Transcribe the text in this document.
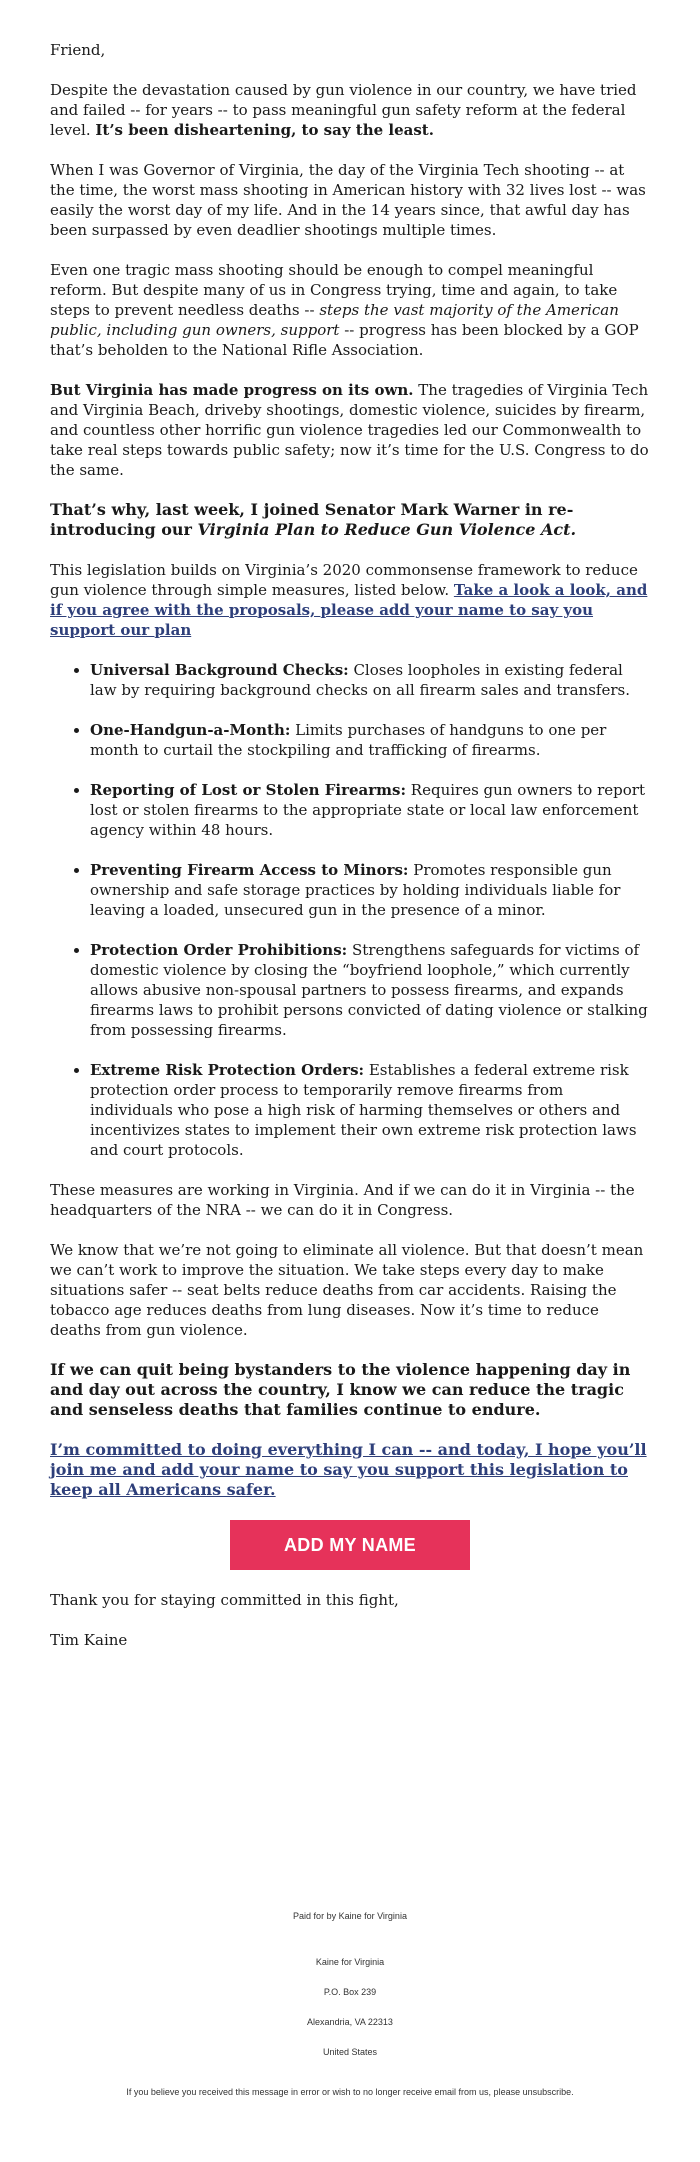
Friend,

Despite the devastation caused by gun violence in our country, we have tried and failed -- for years -- to pass meaningful gun safety reform at the federal level. It’s been disheartening, to say the least.

When I was Governor of Virginia, the day of the Virginia Tech shooting -- at the time, the worst mass shooting in American history with 32 lives lost -- was easily the worst day of my life. And in the 14 years since, that awful day has been surpassed by even deadlier shootings multiple times.

Even one tragic mass shooting should be enough to compel meaningful reform. But despite many of us in Congress trying, time and again, to take steps to prevent needless deaths -- steps the vast majority of the American public, including gun owners, support -- progress has been blocked by a GOP that’s beholden to the National Rifle Association.

But Virginia has made progress on its own. The tragedies of Virginia Tech and Virginia Beach, driveby shootings, domestic violence, suicides by firearm, and countless other horrific gun violence tragedies led our Commonwealth to take real steps towards public safety; now it’s time for the U.S. Congress to do the same.

That’s why, last week, I joined Senator Mark Warner in re-introducing our Virginia Plan to Reduce Gun Violence Act.

This legislation builds on Virginia’s 2020 commonsense framework to reduce gun violence through simple measures, listed below. Take a look a look, and if you agree with the proposals, please add your name to say you support our plan

• Universal Background Checks: Closes loopholes in existing federal law by requiring background checks on all firearm sales and transfers.
• One-Handgun-a-Month: Limits purchases of handguns to one per month to curtail the stockpiling and trafficking of firearms.
• Reporting of Lost or Stolen Firearms: Requires gun owners to report lost or stolen firearms to the appropriate state or local law enforcement agency within 48 hours.
• Preventing Firearm Access to Minors: Promotes responsible gun ownership and safe storage practices by holding individuals liable for leaving a loaded, unsecured gun in the presence of a minor.
• Protection Order Prohibitions: Strengthens safeguards for victims of domestic violence by closing the “boyfriend loophole,” which currently allows abusive non-spousal partners to possess firearms, and expands firearms laws to prohibit persons convicted of dating violence or stalking from possessing firearms.
• Extreme Risk Protection Orders: Establishes a federal extreme risk protection order process to temporarily remove firearms from individuals who pose a high risk of harming themselves or others and incentivizes states to implement their own extreme risk protection laws and court protocols.

These measures are working in Virginia. And if we can do it in Virginia -- the headquarters of the NRA -- we can do it in Congress.

We know that we’re not going to eliminate all violence. But that doesn’t mean we can’t work to improve the situation. We take steps every day to make situations safer -- seat belts reduce deaths from car accidents. Raising the tobacco age reduces deaths from lung diseases. Now it’s time to reduce deaths from gun violence.

If we can quit being bystanders to the violence happening day in and day out across the country, I know we can reduce the tragic and senseless deaths that families continue to endure.

I’m committed to doing everything I can -- and today, I hope you’ll join me and add your name to say you support this legislation to keep all Americans safer.

ADD MY NAME

Thank you for staying committed in this fight,

Tim Kaine

Paid for by Kaine for Virginia
Kaine for Virginia
P.O. Box 239
Alexandria, VA 22313
United States
If you believe you received this message in error or wish to no longer receive email from us, please unsubscribe.
